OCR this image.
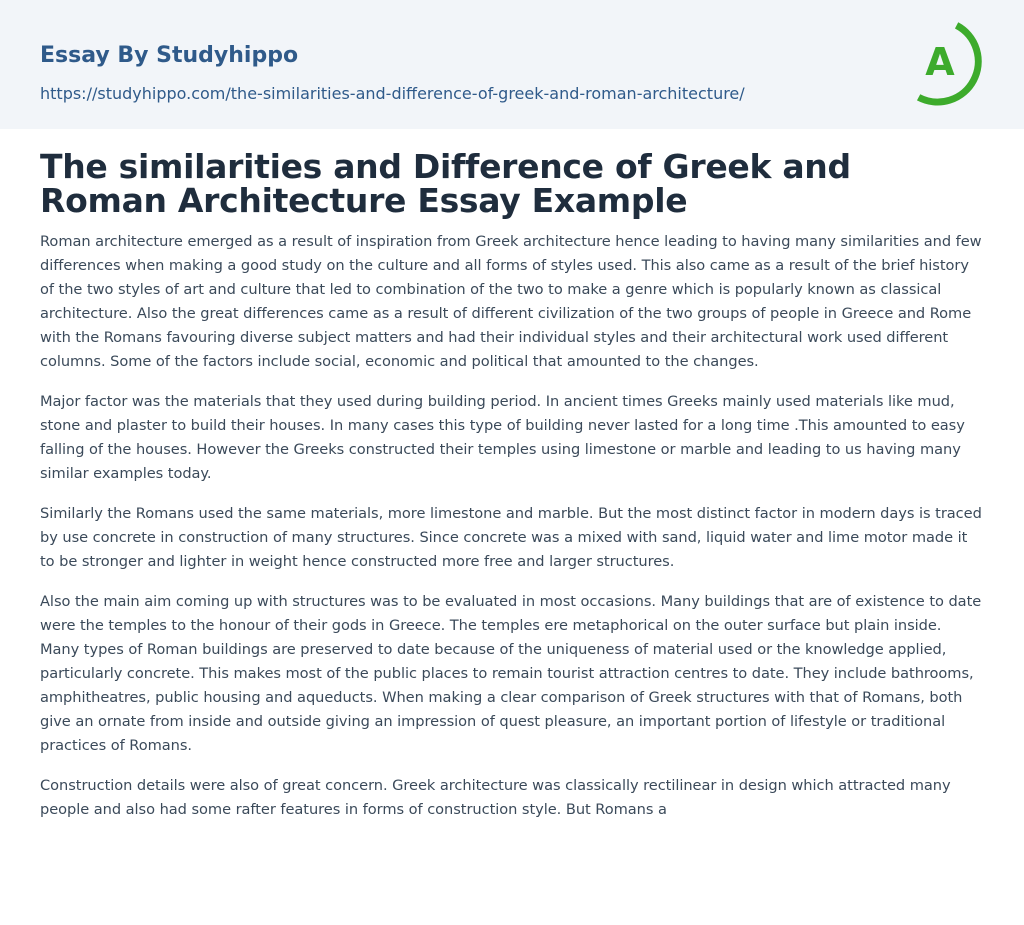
Essay By Studyhippo
https://studyhippo.com/the-similarities-and-difference-of-greek-and-roman-architecture/
A
The similarities and Difference of Greek and Roman Architecture Essay Example

Roman architecture emerged as a result of inspiration from Greek architecture hence leading to having many similarities and few differences when making a good study on the culture and all forms of styles used. This also came as a result of the brief history of the two styles of art and culture that led to combination of the two to make a genre which is popularly known as classical architecture. Also the great differences came as a result of different civilization of the two groups of people in Greece and Rome with the Romans favouring diverse subject matters and had their individual styles and their architectural work used different columns. Some of the factors include social, economic and political that amounted to the changes.

Major factor was the materials that they used during building period. In ancient times Greeks mainly used materials like mud, stone and plaster to build their houses. In many cases this type of building never lasted for a long time .This amounted to easy falling of the houses. However the Greeks constructed their temples using limestone or marble and leading to us having many similar examples today.

Similarly the Romans used the same materials, more limestone and marble. But the most distinct factor in modern days is traced by use concrete in construction of many structures. Since concrete was a mixed with sand, liquid water and lime motor made it to be stronger and lighter in weight hence constructed more free and larger structures.

Also the main aim coming up with structures was to be evaluated in most occasions. Many buildings that are of existence to date were the temples to the honour of their gods in Greece. The temples ere metaphorical on the outer surface but plain inside. Many types of Roman buildings are preserved to date because of the uniqueness of material used or the knowledge applied, particularly concrete. This makes most of the public places to remain tourist attraction centres to date. They include bathrooms, amphitheatres, public housing and aqueducts. When making a clear comparison of Greek structures with that of Romans, both give an ornate from inside and outside giving an impression of quest pleasure, an important portion of lifestyle or traditional practices of Romans.

Construction details were also of great concern. Greek architecture was classically rectilinear in design which attracted many people and also had some rafter features in forms of construction style. But Romans a
